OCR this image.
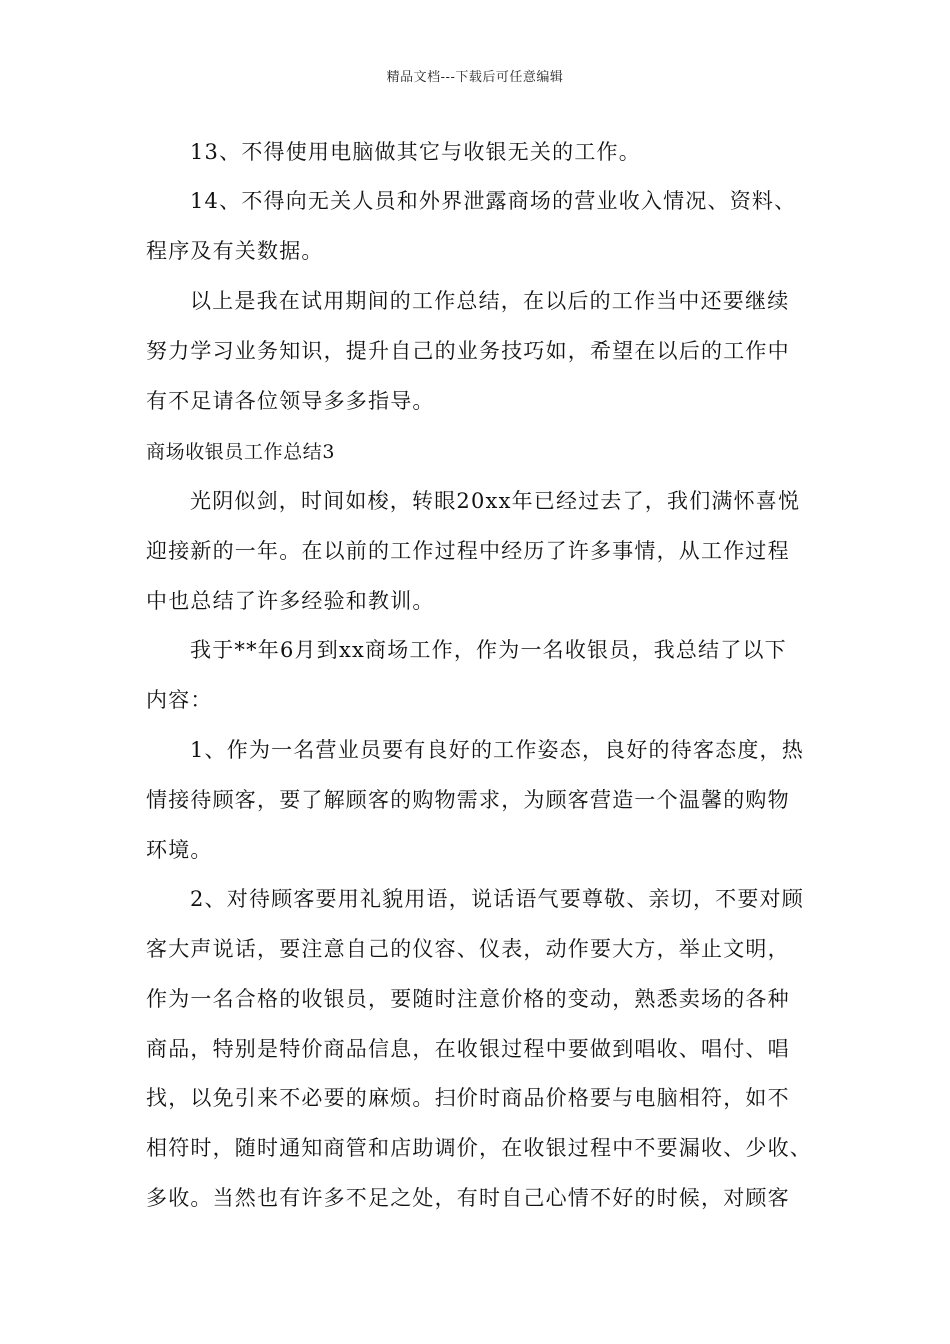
精品文档---下载后可任意编辑
13、不得使用电脑做其它与收银无关的工作。
14、不得向无关人员和外界泄露商场的营业收入情况、资料、
程序及有关数据。
以上是我在试用期间的工作总结，在以后的工作当中还要继续
努力学习业务知识，提升自己的业务技巧如，希望在以后的工作中
有不足请各位领导多多指导。
商场收银员工作总结3
光阴似剑，时间如梭，转眼20xx年已经过去了，我们满怀喜悦
迎接新的一年。在以前的工作过程中经历了许多事情，从工作过程
中也总结了许多经验和教训。
我于**年6月到xx商场工作，作为一名收银员，我总结了以下
内容：
1、作为一名营业员要有良好的工作姿态，良好的待客态度，热
情接待顾客，要了解顾客的购物需求，为顾客营造一个温馨的购物
环境。
2、对待顾客要用礼貌用语，说话语气要尊敬、亲切，不要对顾
客大声说话，要注意自己的仪容、仪表，动作要大方，举止文明，
作为一名合格的收银员，要随时注意价格的变动，熟悉卖场的各种
商品，特别是特价商品信息，在收银过程中要做到唱收、唱付、唱
找，以免引来不必要的麻烦。扫价时商品价格要与电脑相符，如不
相符时，随时通知商管和店助调价，在收银过程中不要漏收、少收、
多收。当然也有许多不足之处，有时自己心情不好的时候，对顾客
